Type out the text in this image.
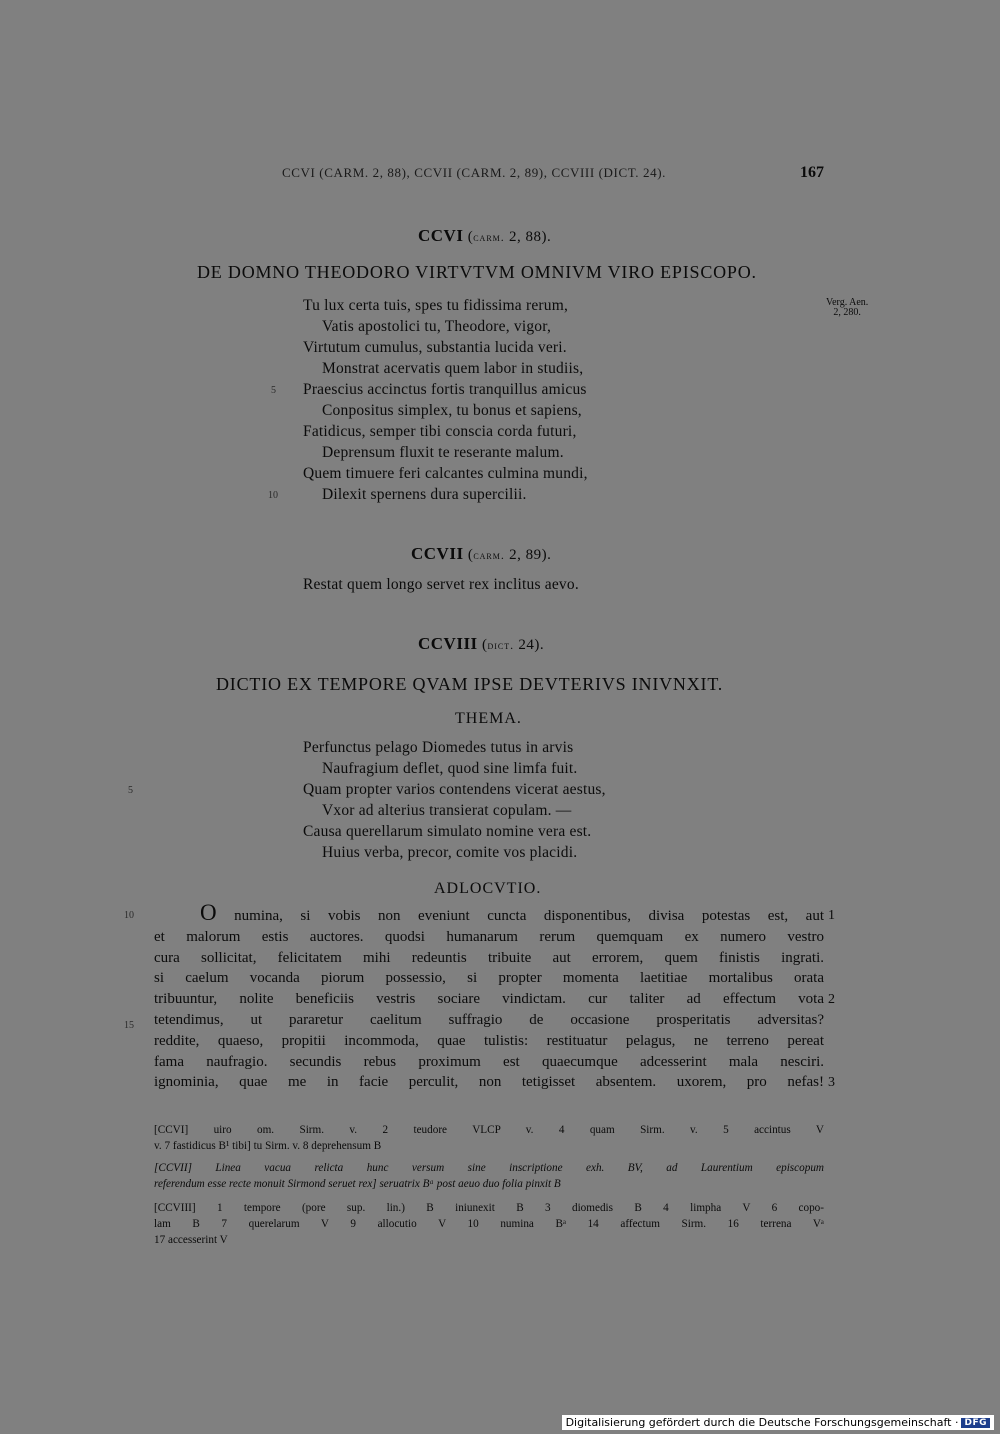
CCVI (CARM. 2, 88), CCVII (CARM. 2, 89), CCVIII (DICT. 24).	167
CCVI (carm. 2, 88).
DE DOMNO THEODORO VIRTVTVM OMNIVM VIRO EPISCOPO.
Verg. Aen.
2, 280.
Tu lux certa tuis, spes tu fidissima rerum,
Vatis apostolici tu, Theodore, vigor,
Virtutum cumulus, substantia lucida veri.
Monstrat acervatis quem labor in studiis,
5 Praescius accinctus fortis tranquillus amicus
Conpositus simplex, tu bonus et sapiens,
Fatidicus, semper tibi conscia corda futuri,
Deprensum fluxit te reserante malum.
Quem timuere feri calcantes culmina mundi,
10	Dilexit spernens dura supercilii.
CCVII (carm. 2, 89).
Restat quem longo servet rex inclitus aevo.
CCVIII (dict. 24).
DICTIO EX TEMPORE QVAM IPSE DEVTERIVS INIVNXIT.
THEMA.
Perfunctus pelago Diomedes tutus in arvis
Naufragium deflet, quod sine limfa fuit.
5	Quam propter varios contendens vicerat aestus,
Vxor ad alterius transierat copulam. —
Causa querellarum simulato nomine vera est.
Huius verba, precor, comite vos placidi.
ADLOCVTIO.
10
15
1
2
3
O numina, si vobis non eveniunt cuncta disponentibus, divisa potestas est, aut
et malorum estis auctores. quodsi humanarum rerum quemquam ex numero vestro
cura sollicitat, felicitatem mihi redeuntis tribuite aut errorem, quem finistis ingrati.
si caelum vocanda piorum possessio, si propter momenta laetitiae mortalibus orata
tribuuntur, nolite beneficiis vestris sociare vindictam. cur taliter ad effectum vota
tetendimus, ut pararetur caelitum suffragio de occasione prosperitatis adversitas?
reddite, quaeso, propitii incommoda, quae tulistis: restituatur pelagus, ne terreno pereat
fama naufragio. secundis rebus proximum est quaecumque adcesserint mala nesciri.
ignominia, quae me in facie perculit, non tetigisset absentem. uxorem, pro nefas!
[CCVI] uiro om. Sirm. v. 2 teudore VLCP v. 4 quam Sirm. v. 5 accintus V
v. 7 fastidicus B¹ tibi] tu Sirm. v. 8 deprehensum B
[CCVII] Linea vacua relicta hunc versum sine inscriptione exh. BV, ad Laurentium episcopum
referendum esse recte monuit Sirmond seruet rex] seruatrix Bᵃ post aeuo duo folia pinxit B
[CCVIII] 1 tempore (pore sup. lin.) B iniunexit B 3 diomedis B 4 limpha V 6 copo-
lam B 7 querelarum V 9 allocutio V 10 numina Bᵃ 14 affectum Sirm. 16 terrena Vᵃ
17 accesserint V
Digitalisierung gefördert durch die Deutsche Forschungsgemeinschaft · DFG
